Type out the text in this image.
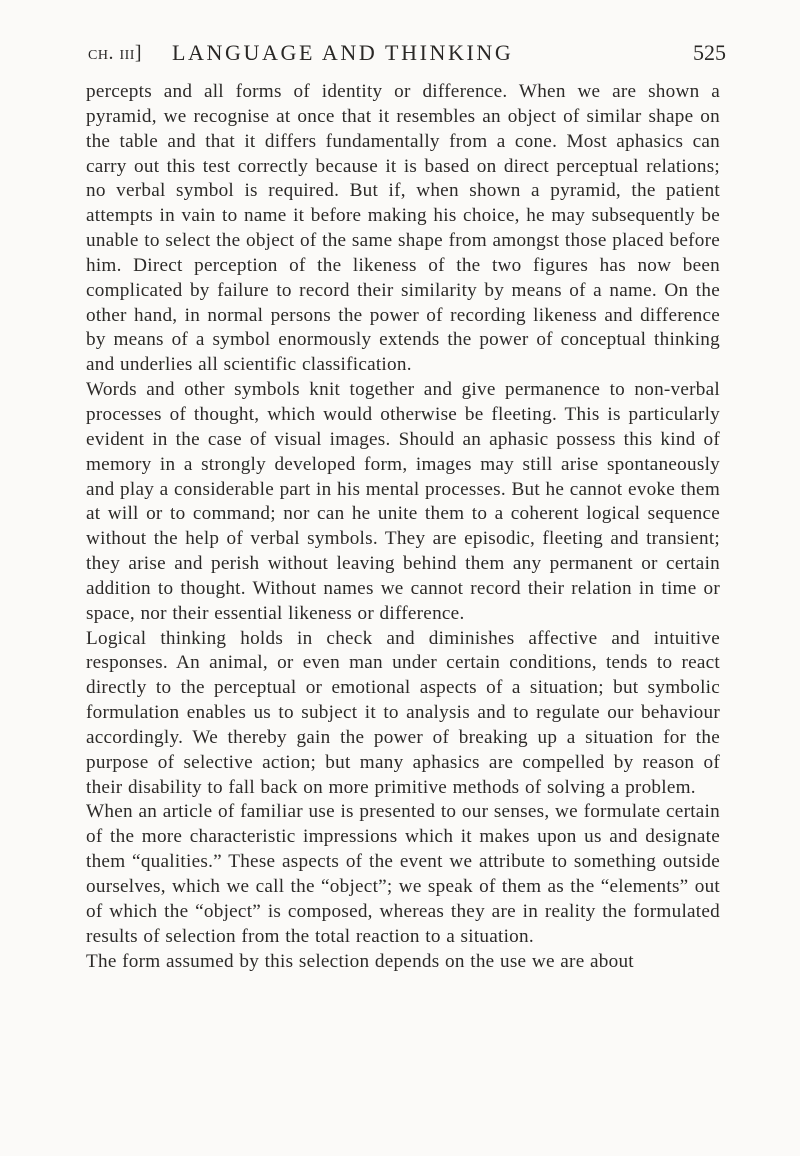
ch. iii] LANGUAGE AND THINKING	525

percepts and all forms of identity or difference. When we are shown a pyramid, we recognise at once that it resembles an object of similar shape on the table and that it differs fundamentally from a cone. Most aphasics can carry out this test correctly because it is based on direct perceptual relations; no verbal symbol is required. But if, when shown a pyramid, the patient attempts in vain to name it before making his choice, he may subsequently be unable to select the object of the same shape from amongst those placed before him. Direct perception of the likeness of the two figures has now been complicated by failure to record their similarity by means of a name. On the other hand, in normal persons the power of recording likeness and difference by means of a symbol enormously extends the power of conceptual thinking and underlies all scientific classification.

Words and other symbols knit together and give permanence to non-verbal processes of thought, which would otherwise be fleeting. This is particularly evident in the case of visual images. Should an aphasic possess this kind of memory in a strongly developed form, images may still arise spontaneously and play a considerable part in his mental processes. But he cannot evoke them at will or to command; nor can he unite them to a coherent logical sequence without the help of verbal symbols. They are episodic, fleeting and transient; they arise and perish without leaving behind them any permanent or certain addition to thought. Without names we cannot record their relation in time or space, nor their essential likeness or difference.

Logical thinking holds in check and diminishes affective and intuitive responses. An animal, or even man under certain conditions, tends to react directly to the perceptual or emotional aspects of a situation; but symbolic formulation enables us to subject it to analysis and to regulate our behaviour accordingly. We thereby gain the power of breaking up a situation for the purpose of selective action; but many aphasics are compelled by reason of their disability to fall back on more primitive methods of solving a problem.

When an article of familiar use is presented to our senses, we formulate certain of the more characteristic impressions which it makes upon us and designate them “qualities.” These aspects of the event we attribute to something outside ourselves, which we call the “object”; we speak of them as the “elements” out of which the “object” is composed, whereas they are in reality the formulated results of selection from the total reaction to a situation.

The form assumed by this selection depends on the use we are about
